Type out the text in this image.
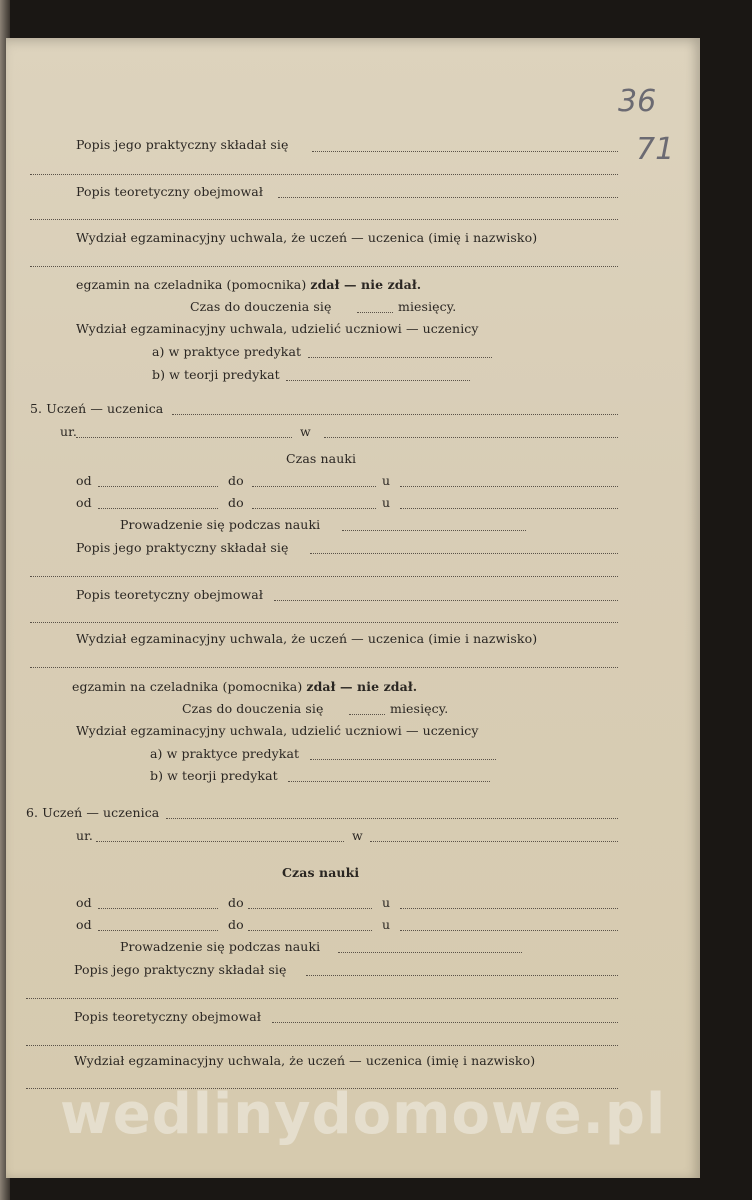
36
71
Popis jego praktyczny składał się
Popis teoretyczny obejmował
Wydział egzaminacyjny uchwala, że uczeń — uczenica (imię i nazwisko)
egzamin na czeladnika (pomocnika) zdał — nie zdał.
Czas do douczenia się	miesięcy.
Wydział egzaminacyjny uchwala, udzielić uczniowi — uczenicy
a) w praktyce predykat
b) w teorji predykat
5. Uczeń — uczenica
ur.	w
Czas nauki
od	do	u
od	do	u
Prowadzenie się podczas nauki
Popis jego praktyczny składał się
Popis teoretyczny obejmował
Wydział egzaminacyjny uchwala, że uczeń — uczenica (imie i nazwisko)
egzamin na czeladnika (pomocnika) zdał — nie zdał.
Czas do douczenia się	miesięcy.
Wydział egzaminacyjny uchwala, udzielić uczniowi — uczenicy
a) w praktyce predykat
b) w teorji predykat
6. Uczeń — uczenica
ur.	w
Czas nauki
od	do	u
od	do	u
Prowadzenie się podczas nauki
Popis jego praktyczny składał się
Popis teoretyczny obejmował
Wydział egzaminacyjny uchwala, że uczeń — uczenica (imię i nazwisko)
wedlinydomowe.pl
